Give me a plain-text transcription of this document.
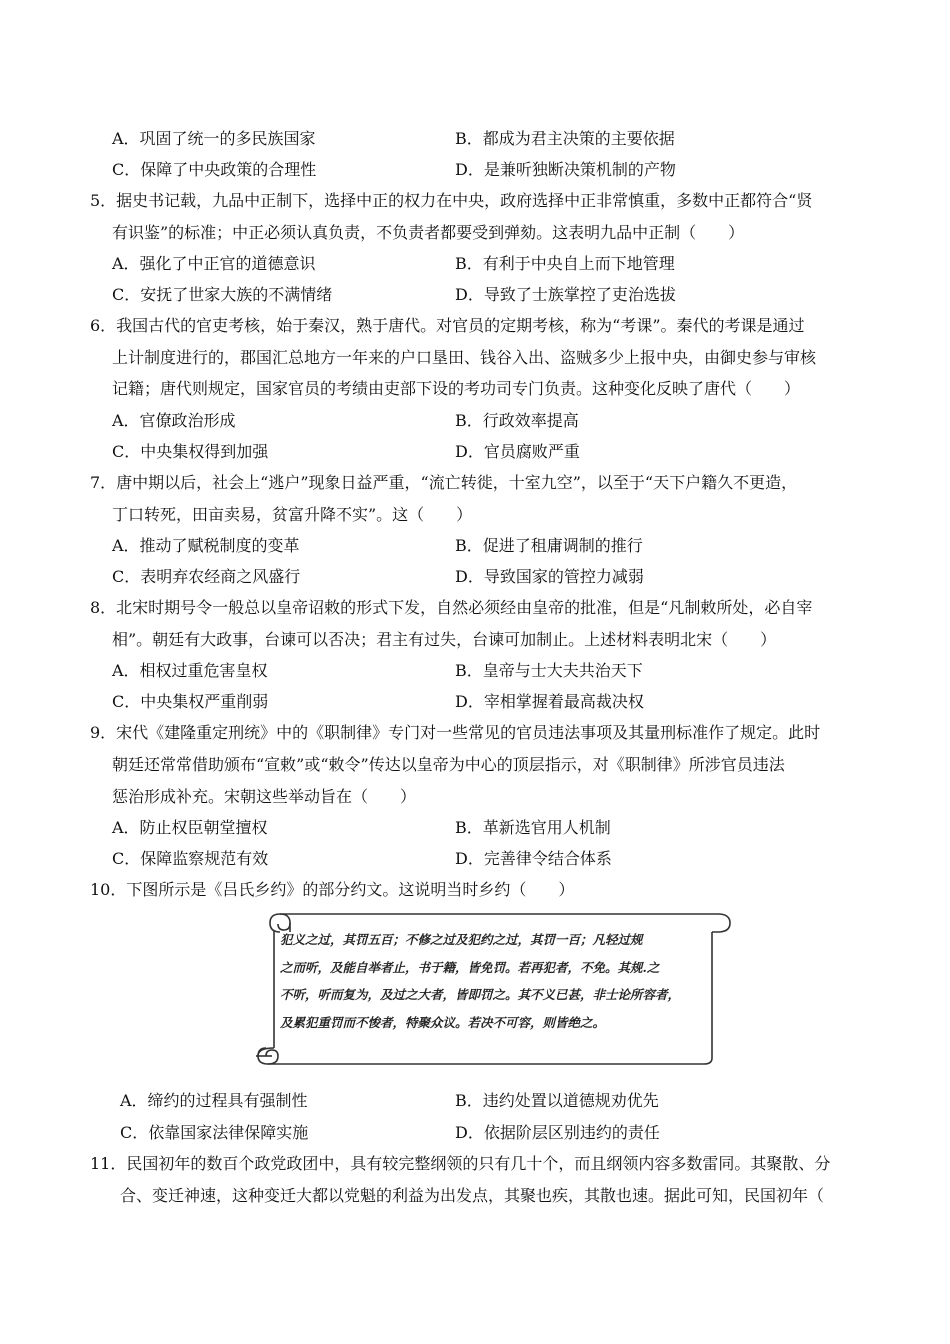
A．巩固了统一的多民族国家	B．都成为君主决策的主要依据
C．保障了中央政策的合理性	D．是兼听独断决策机制的产物
5．据史书记载，九品中正制下，选择中正的权力在中央，政府选择中正非常慎重，多数中正都符合“贤
有识鉴”的标准；中正必须认真负责，不负责者都要受到弹劾。这表明九品中正制（　　）
A．强化了中正官的道德意识	B．有利于中央自上而下地管理
C．安抚了世家大族的不满情绪	D．导致了士族掌控了吏治选拔
6．我国古代的官吏考核，始于秦汉，熟于唐代。对官员的定期考核，称为“考课”。秦代的考课是通过
上计制度进行的，郡国汇总地方一年来的户口垦田、钱谷入出、盗贼多少上报中央，由御史参与审核
记籍；唐代则规定，国家官员的考绩由吏部下设的考功司专门负责。这种变化反映了唐代（　　）
A．官僚政治形成	B．行政效率提高
C．中央集权得到加强	D．官员腐败严重
7．唐中期以后，社会上“逃户”现象日益严重，“流亡转徙，十室九空”，以至于“天下户籍久不更造，
丁口转死，田亩卖易，贫富升降不实”。这（　　）
A．推动了赋税制度的变革	B．促进了租庸调制的推行
C．表明弃农经商之风盛行	D．导致国家的管控力减弱
8．北宋时期号令一般总以皇帝诏敕的形式下发，自然必须经由皇帝的批准，但是“凡制敕所处，必自宰
相”。朝廷有大政事，台谏可以否决；君主有过失，台谏可加制止。上述材料表明北宋（　　）
A．相权过重危害皇权	B．皇帝与士大夫共治天下
C．中央集权严重削弱	D．宰相掌握着最高裁决权
9．宋代《建隆重定刑统》中的《职制律》专门对一些常见的官员违法事项及其量刑标准作了规定。此时
朝廷还常常借助颁布“宣敕”或“敕令”传达以皇帝为中心的顶层指示，对《职制律》所涉官员违法
惩治形成补充。宋朝这些举动旨在（　　）
A．防止权臣朝堂擅权	B．革新选官用人机制
C．保障监察规范有效	D．完善律令结合体系
10．下图所示是《吕氏乡约》的部分约文。这说明当时乡约（　　）
犯义之过，其罚五百；不修之过及犯约之过，其罚一百；凡轻过规
之而听，及能自举者止，书于籍，皆免罚。若再犯者，不免。其规.之
不听，听而复为，及过之大者，皆即罚之。其不义已甚，非士论所容者，
及累犯重罚而不悛者，特聚众议。若决不可容，则皆绝之。
A．缔约的过程具有强制性	B．违约处置以道德规劝优先
C．依靠国家法律保障实施	D．依据阶层区别违约的责任
11．民国初年的数百个政党政团中，具有较完整纲领的只有几十个，而且纲领内容多数雷同。其聚散、分
合、变迁神速，这种变迁大都以党魁的利益为出发点，其聚也疾，其散也速。据此可知，民国初年（
